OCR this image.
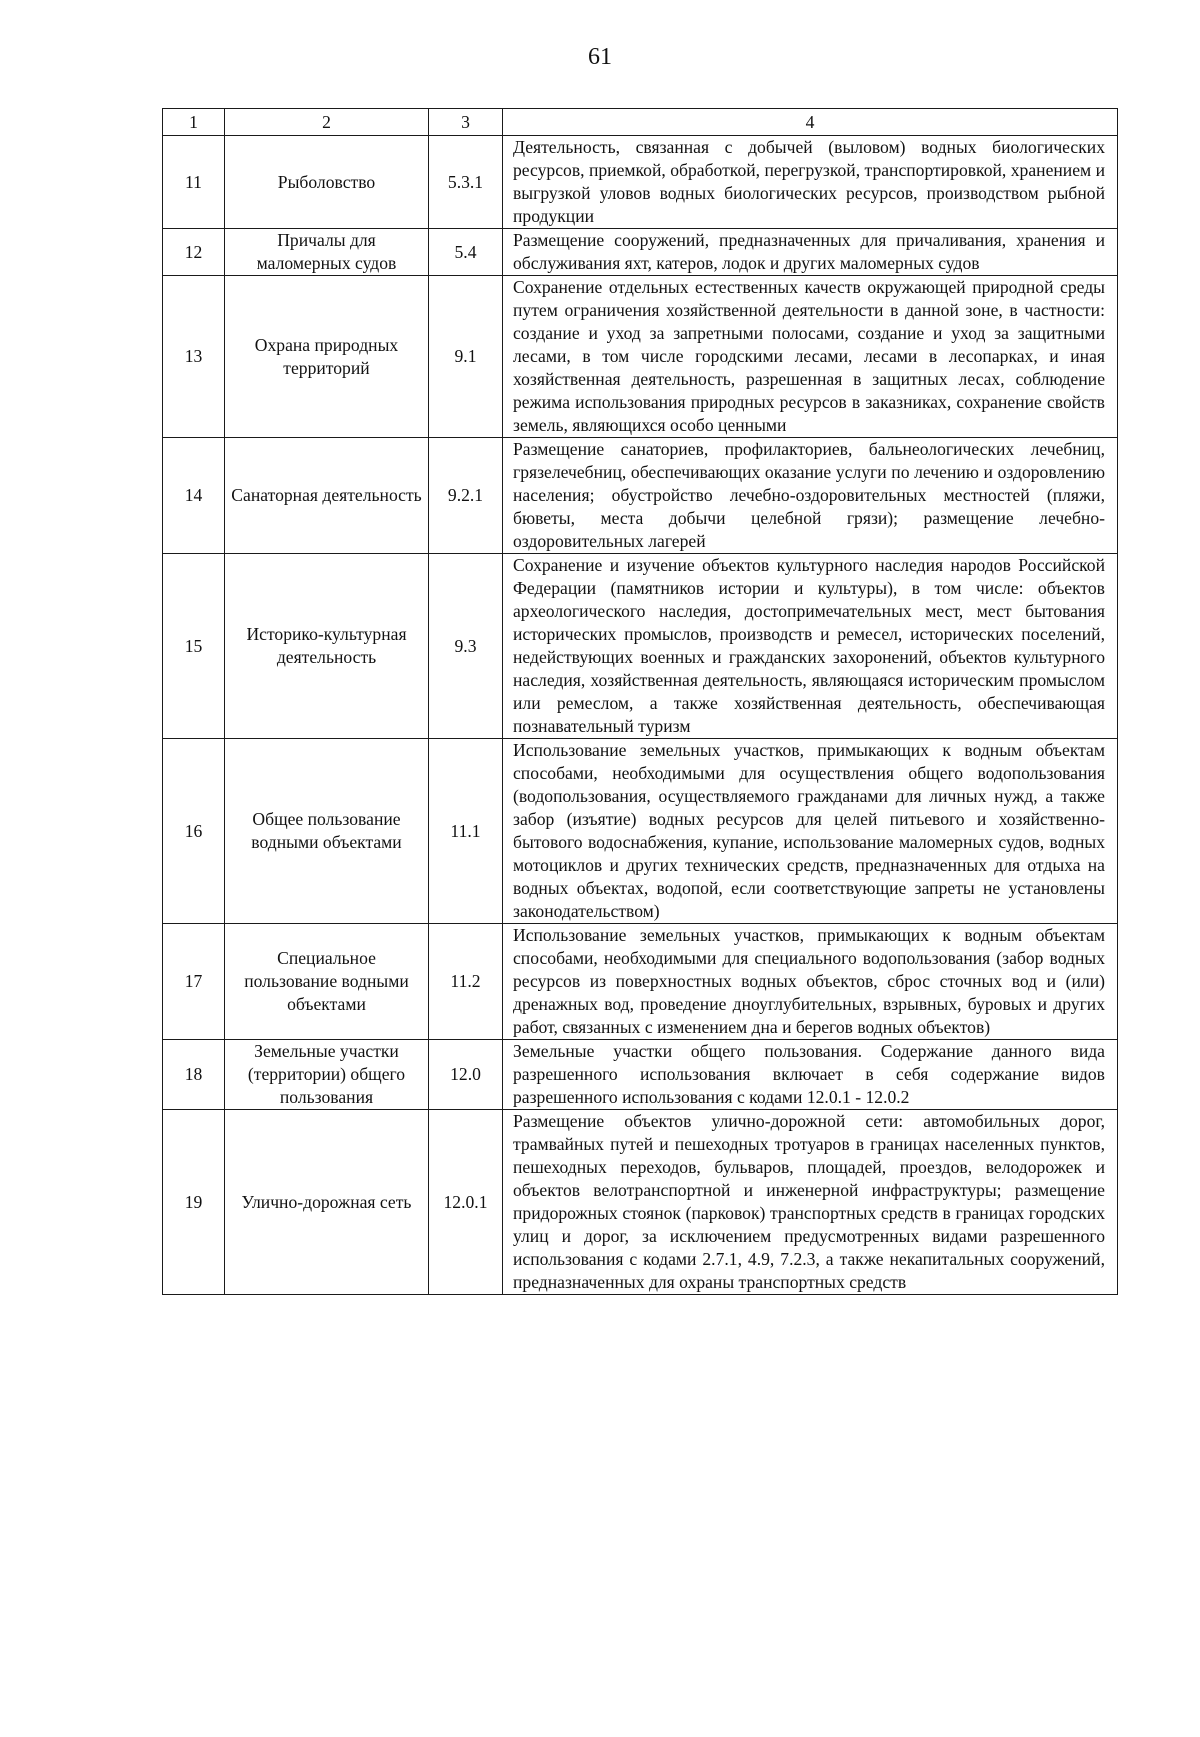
61
1	2	3	4
11	Рыболовство	5.3.1	Деятельность, связанная с добычей (выловом) водных биологических ресурсов, приемкой, обработкой, перегрузкой, транспортировкой, хранением и выгрузкой уловов водных биологических ресурсов, производством рыбной продукции
12	Причалы для маломерных судов	5.4	Размещение сооружений, предназначенных для причаливания, хранения и обслуживания яхт, катеров, лодок и других маломерных судов
13	Охрана природных территорий	9.1	Сохранение отдельных естественных качеств окружающей природной среды путем ограничения хозяйственной деятельности в данной зоне, в частности: создание и уход за запретными полосами, создание и уход за защитными лесами, в том числе городскими лесами, лесами в лесопарках, и иная хозяйственная деятельность, разрешенная в защитных лесах, соблюдение режима использования природных ресурсов в заказниках, сохранение свойств земель, являющихся особо ценными
14	Санаторная деятельность	9.2.1	Размещение санаториев, профилакториев, бальнеологических лечебниц, грязелечебниц, обеспечивающих оказание услуги по лечению и оздоровлению населения; обустройство лечебно-оздоровительных местностей (пляжи, бюветы, места добычи целебной грязи); размещение лечебно-оздоровительных лагерей
15	Историко-культурная деятельность	9.3	Сохранение и изучение объектов культурного наследия народов Российской Федерации (памятников истории и культуры), в том числе: объектов археологического наследия, достопримечательных мест, мест бытования исторических промыслов, производств и ремесел, исторических поселений, недействующих военных и гражданских захоронений, объектов культурного наследия, хозяйственная деятельность, являющаяся историческим промыслом или ремеслом, а также хозяйственная деятельность, обеспечивающая познавательный туризм
16	Общее пользование водными объектами	11.1	Использование земельных участков, примыкающих к водным объектам способами, необходимыми для осуществления общего водопользования (водопользования, осуществляемого гражданами для личных нужд, а также забор (изъятие) водных ресурсов для целей питьевого и хозяйственно-бытового водоснабжения, купание, использование маломерных судов, водных мотоциклов и других технических средств, предназначенных для отдыха на водных объектах, водопой, если соответствующие запреты не установлены законодательством)
17	Специальное пользование водными объектами	11.2	Использование земельных участков, примыкающих к водным объектам способами, необходимыми для специального водопользования (забор водных ресурсов из поверхностных водных объектов, сброс сточных вод и (или) дренажных вод, проведение дноуглубительных, взрывных, буровых и других работ, связанных с изменением дна и берегов водных объектов)
18	Земельные участки (территории) общего пользования	12.0	Земельные участки общего пользования. Содержание данного вида разрешенного использования включает в себя содержание видов разрешенного использования с кодами 12.0.1 - 12.0.2
19	Улично-дорожная сеть	12.0.1	Размещение объектов улично-дорожной сети: автомобильных дорог, трамвайных путей и пешеходных тротуаров в границах населенных пунктов, пешеходных переходов, бульваров, площадей, проездов, велодорожек и объектов велотранспортной и инженерной инфраструктуры; размещение придорожных стоянок (парковок) транспортных средств в границах городских улиц и дорог, за исключением предусмотренных видами разрешенного использования с кодами 2.7.1, 4.9, 7.2.3, а также некапитальных сооружений, предназначенных для охраны транспортных средств
